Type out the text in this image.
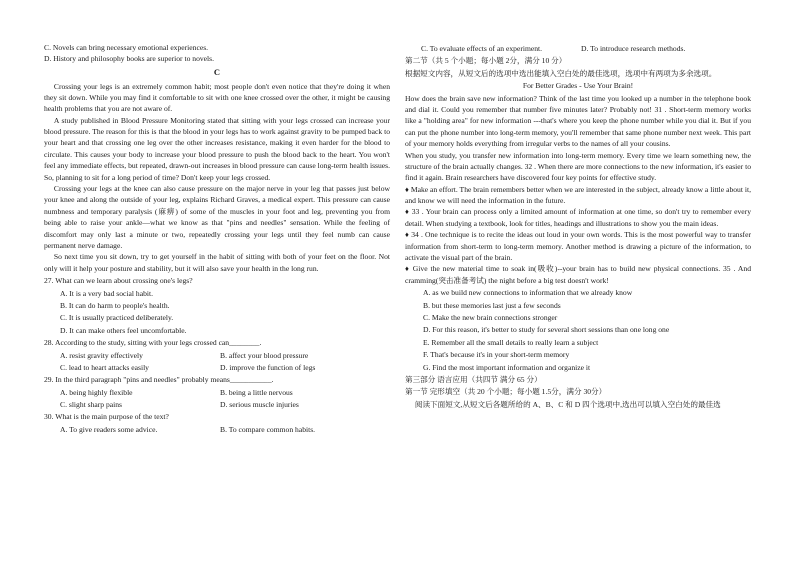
C. Novels can bring necessary emotional experiences.

D. History and philosophy books are superior to novels.

C

Crossing your legs is an extremely common habit; most people don't even notice that they're doing it when they sit down. While you may find it comfortable to sit with one knee crossed over the other, it might be causing health problems that you are not aware of.

A study published in Blood Pressure Monitoring stated that sitting with your legs crossed can increase your blood pressure. The reason for this is that the blood in your legs has to work against gravity to be pumped back to your heart and that crossing one leg over the other increases resistance, making it even harder for the blood to circulate. This causes your body to increase your blood pressure to push the blood back to the heart. You won't feel any immediate effects, but repeated, drawn-out increases in blood pressure can cause long-term health issues. So, planning to sit for a long period of time? Don't keep your legs crossed.

Crossing your legs at the knee can also cause pressure on the major nerve in your leg that passes just below your knee and along the outside of your leg, explains Richard Graves, a medical expert. This pressure can cause numbness and temporary paralysis (麻痹) of some of the muscles in your foot and leg, preventing you from being able to raise your ankle—what we know as that "pins and needles" sensation. While the feeling of discomfort may only last a minute or two, repeatedly crossing your legs until they feel numb can cause permanent nerve damage.

So next time you sit down, try to get yourself in the habit of sitting with both of your feet on the floor. Not only will it help your posture and stability, but it will also save your health in the long run.

27. What can we learn about crossing one's legs?

A. It is a very bad social habit.

B. It can do harm to people's health.

C. It is usually practiced deliberately.

D. It can make others feel uncomfortable.

28. According to the study, sitting with your legs crossed can________.

A. resist gravity effectively	B. affect your blood pressure
C. lead to heart attacks easily	D. improve the function of legs

29. In the third paragraph "pins and needles" probably means___________.

A. being highly flexible	B. being a little nervous
C. slight sharp pains	D. serious muscle injuries

30. What is the main purpose of the text?

A. To give readers some advice.	B. To compare common habits.
C. To evaluate effects of an experiment.	D. To introduce research methods.

第二节（共 5 个小题；每小题 2分，满分 10 分）

根据短文内容，从短文后的选项中选出能填入空白处的最佳选项，选项中有两项为多余选项。

For Better Grades - Use Your Brain!

How does the brain save new information? Think of the last time you looked up a number in the telephone book and dial it. Could you remember that number five minutes later? Probably not! 31 . Short-term memory works like a "holding area" for new information ---that's where you keep the phone number while you dial it. But if you can put the phone number into long-term memory, you'll remember that same phone number next week. This part of your memory holds everything from irregular verbs to the names of all your cousins.

When you study, you transfer new information into long-term memory. Every time we learn something new, the structure of the brain actually changes. 32 . When there are more connections to the new information, it's easier to find it again. Brain researchers have discovered four key points for effective study.

♦ Make an effort. The brain remembers better when we are interested in the subject, already know a little about it, and know we will need the information in the future.

♦ 33 . Your brain can process only a limited amount of information at one time, so don't try to remember every detail. When studying a textbook, look for titles, headings and illustrations to show you the main ideas.

♦ 34 . One technique is to recite the ideas out loud in your own words. This is the most powerful way to transfer information from short-term to long-term memory. Another method is drawing a picture of the information, to activate the visual part of the brain.

♦ Give the new material time to soak in(吸收)--your brain has to build new physical connections. 35 . And cramming(突击准备考试) the night before a big test doesn't work!

A. as we build new connections to information that we already know

B. but these memories last just a few seconds

C. Make the new brain connections stronger

D. For this reason, it's better to study for several short sessions than one long one

E. Remember all the small details to really learn a subject

F. That's because it's in your short-term memory

G. Find the most important information and organize it

第三部分 语言应用（共四节 满分 65 分）

第一节 完形填空（共 20 个小题；每小题 1.5分，满分 30分）

阅读下面短文,从短文后各题所给的 A、B、C 和 D 四个选项中,选出可以填入空白处的最佳选
